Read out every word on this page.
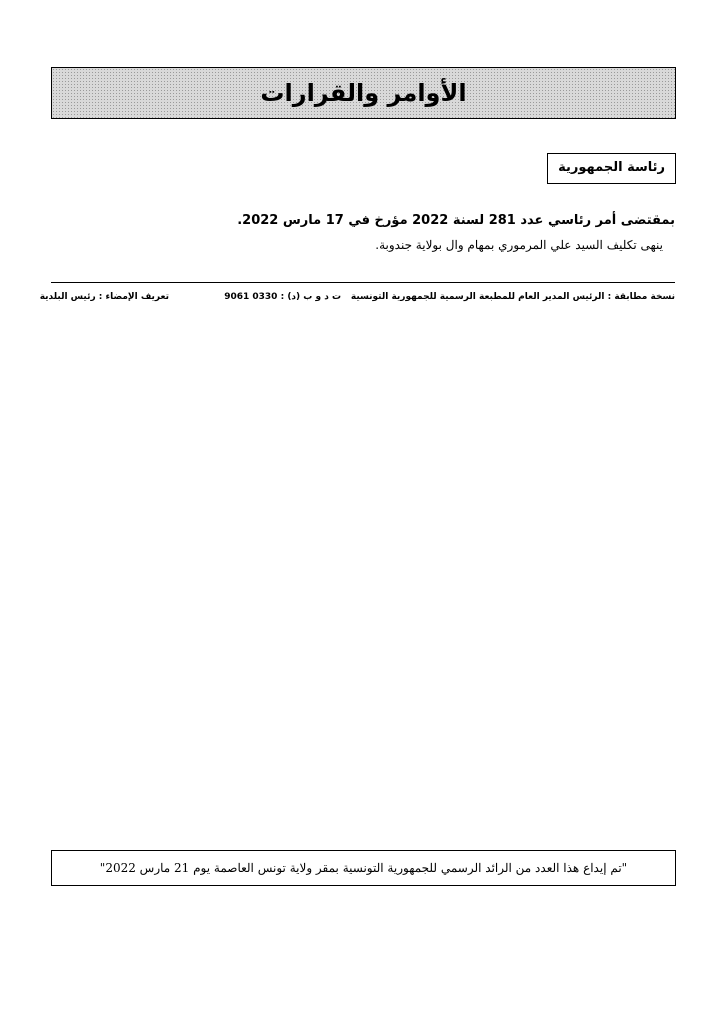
الأوامر والقرارات
رئاسة الجمهورية
بمقتضى أمر رئاسي عدد 281 لسنة 2022 مؤرخ في 17 مارس 2022.
ينهى تكليف السيد علي المرموري بمهام وال بولاية جندوبة.
نسخة مطابقة : الرئيس المدير العام للمطبعة الرسمية للجمهورية التونسية
ت د و ب (د) : 0330 9061
تعريف الإمضاء : رئيس البلدية
"تم إيداع هذا العدد من الرائد الرسمي للجمهورية التونسية بمقر ولاية تونس العاصمة يوم 21 مارس 2022"
